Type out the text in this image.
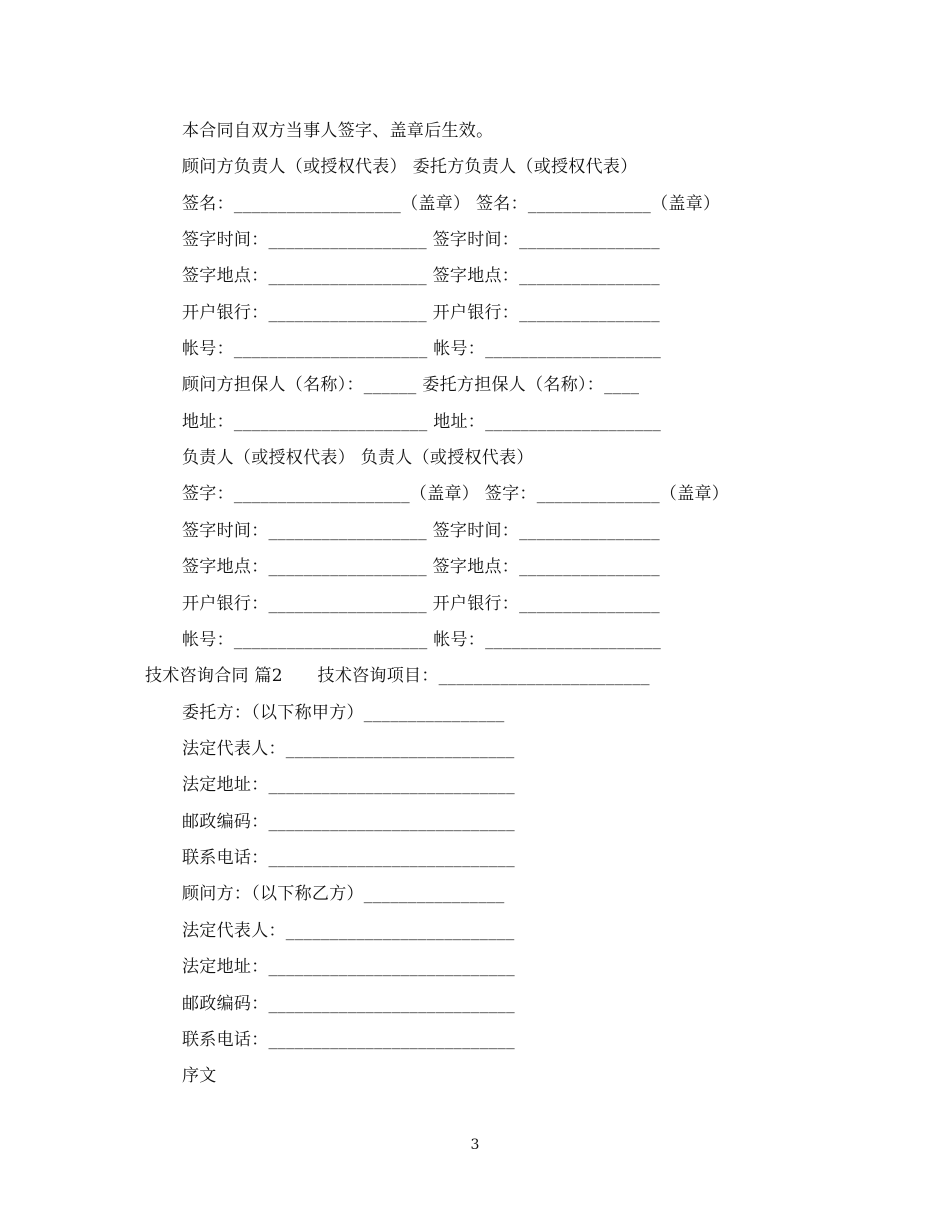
本合同自双方当事人签字、盖章后生效。
顾问方负责人（或授权代表） 委托方负责人（或授权代表）
签名：___________________（盖章） 签名：______________（盖章）
签字时间：__________________ 签字时间：________________
签字地点：__________________ 签字地点：________________
开户银行：__________________ 开户银行：________________
帐号：______________________ 帐号：____________________
顾问方担保人（名称）：______ 委托方担保人（名称）：____
地址：______________________ 地址：____________________
负责人（或授权代表） 负责人（或授权代表）
签字：____________________（盖章） 签字：______________（盖章）
签字时间：__________________ 签字时间：________________
签字地点：__________________ 签字地点：________________
开户银行：__________________ 开户银行：________________
帐号：______________________ 帐号：____________________
技术咨询合同 篇2　　技术咨询项目：________________________
委托方：（以下称甲方）________________
法定代表人：__________________________
法定地址：____________________________
邮政编码：____________________________
联系电话：____________________________
顾问方：（以下称乙方）________________
法定代表人：__________________________
法定地址：____________________________
邮政编码：____________________________
联系电话：____________________________
序文
3
